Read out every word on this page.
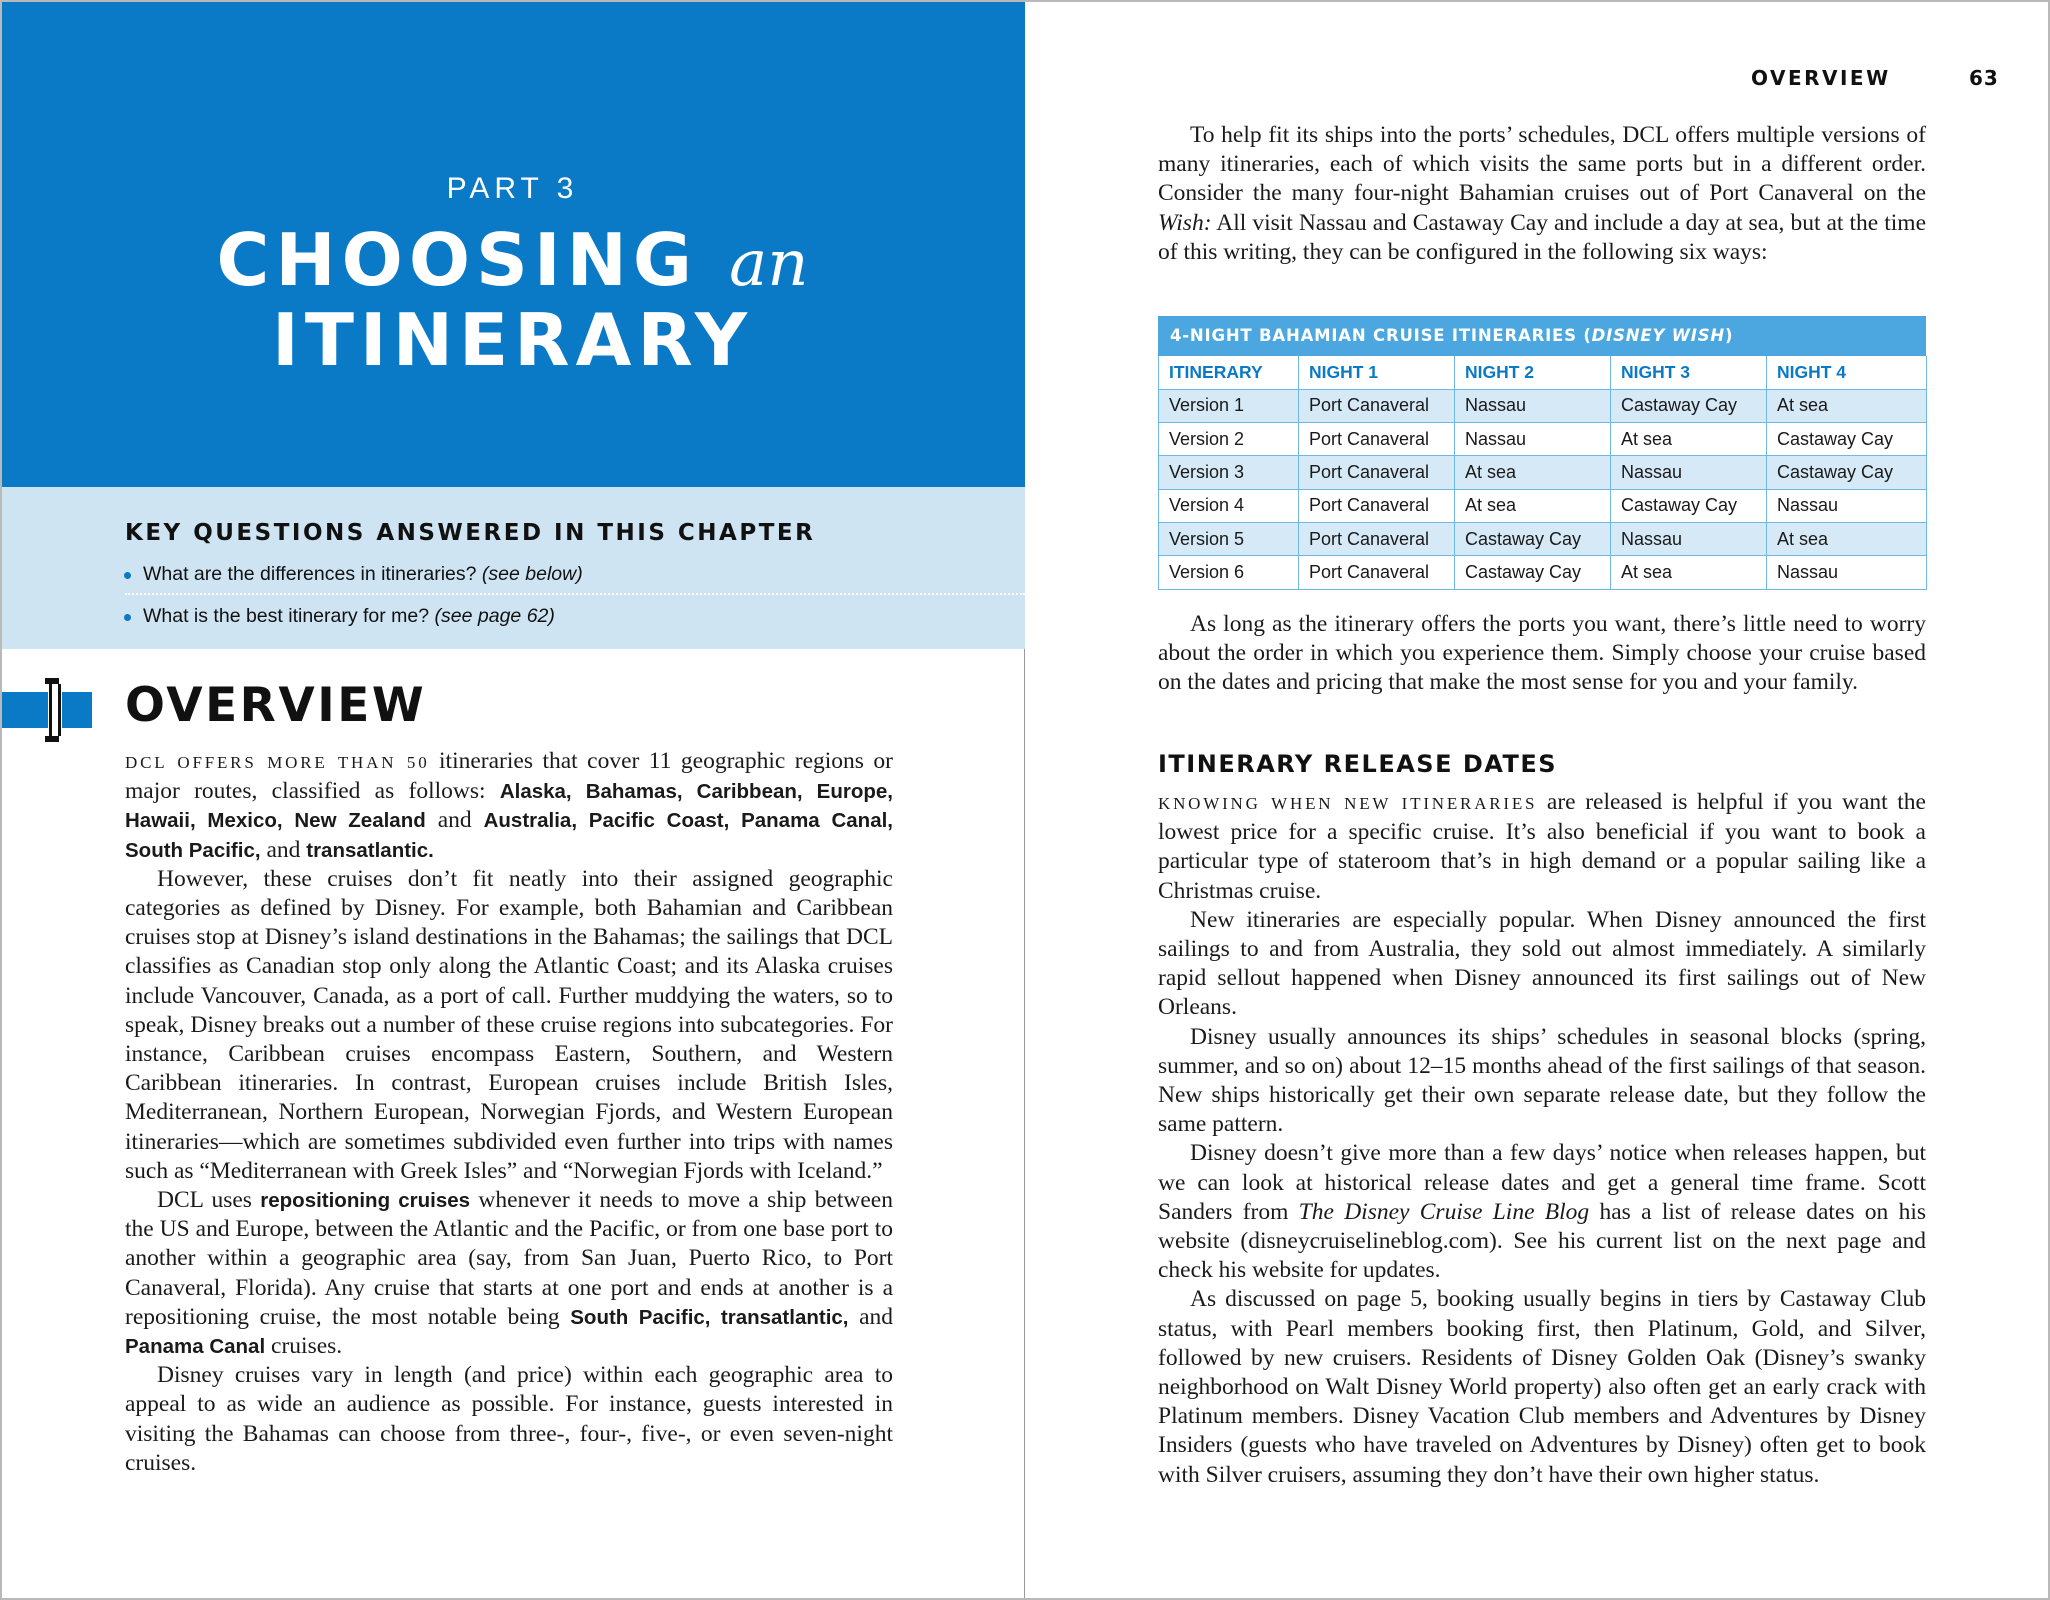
PART 3
CHOOSING an
ITINERARY
KEY QUESTIONS ANSWERED IN THIS CHAPTER
What are the differences in itineraries? (see below)
What is the best itinerary for me? (see page 62)
OVERVIEW

DCL OFFERS MORE THAN 50 itineraries that cover 11 geographic regions or major routes, classified as follows: Alaska, Bahamas, Caribbean, Europe, Hawaii, Mexico, New Zealand and Australia, Pacific Coast, Panama Canal, South Pacific, and transatlantic.

However, these cruises don’t fit neatly into their assigned geographic categories as defined by Disney. For example, both Bahamian and Caribbean cruises stop at Disney’s island destinations in the Bahamas; the sailings that DCL classifies as Canadian stop only along the Atlantic Coast; and its Alaska cruises include Vancouver, Canada, as a port of call. Further muddying the waters, so to speak, Disney breaks out a number of these cruise regions into subcategories. For instance, Caribbean cruises encompass Eastern, Southern, and Western Caribbean itineraries. In contrast, European cruises include British Isles, Mediterranean, Northern European, Norwegian Fjords, and Western European itineraries—which are sometimes subdivided even further into trips with names such as “Mediterranean with Greek Isles” and “Norwegian Fjords with Iceland.”

DCL uses repositioning cruises whenever it needs to move a ship between the US and Europe, between the Atlantic and the Pacific, or from one base port to another within a geographic area (say, from San Juan, Puerto Rico, to Port Canaveral, Florida). Any cruise that starts at one port and ends at another is a repositioning cruise, the most notable being South Pacific, transatlantic, and Panama Canal cruises.

Disney cruises vary in length (and price) within each geographic area to appeal to as wide an audience as possible. For instance, guests interested in visiting the Bahamas can choose from three-, four-, five-, or even seven-night cruises.

OVERVIEW	63

To help fit its ships into the ports’ schedules, DCL offers multiple versions of many itineraries, each of which visits the same ports but in a different order. Consider the many four-night Bahamian cruises out of Port Canaveral on the Wish: All visit Nassau and Castaway Cay and include a day at sea, but at the time of this writing, they can be configured in the following six ways:

4-NIGHT BAHAMIAN CRUISE ITINERARIES (DISNEY WISH)
ITINERARY	NIGHT 1	NIGHT 2	NIGHT 3	NIGHT 4
Version 1	Port Canaveral	Nassau	Castaway Cay	At sea
Version 2	Port Canaveral	Nassau	At sea	Castaway Cay
Version 3	Port Canaveral	At sea	Nassau	Castaway Cay
Version 4	Port Canaveral	At sea	Castaway Cay	Nassau
Version 5	Port Canaveral	Castaway Cay	Nassau	At sea
Version 6	Port Canaveral	Castaway Cay	At sea	Nassau

As long as the itinerary offers the ports you want, there’s little need to worry about the order in which you experience them. Simply choose your cruise based on the dates and pricing that make the most sense for you and your family.

ITINERARY RELEASE DATES

KNOWING WHEN NEW ITINERARIES are released is helpful if you want the lowest price for a specific cruise. It’s also beneficial if you want to book a particular type of stateroom that’s in high demand or a popular sailing like a Christmas cruise.

New itineraries are especially popular. When Disney announced the first sailings to and from Australia, they sold out almost immediately. A similarly rapid sellout happened when Disney announced its first sailings out of New Orleans.

Disney usually announces its ships’ schedules in seasonal blocks (spring, summer, and so on) about 12–15 months ahead of the first sailings of that season. New ships historically get their own separate release date, but they follow the same pattern.

Disney doesn’t give more than a few days’ notice when releases happen, but we can look at historical release dates and get a general time frame. Scott Sanders from The Disney Cruise Line Blog has a list of release dates on his website (disneycruiselineblog.com). See his current list on the next page and check his website for updates.

As discussed on page 5, booking usually begins in tiers by Castaway Club status, with Pearl members booking first, then Platinum, Gold, and Silver, followed by new cruisers. Residents of Disney Golden Oak (Disney’s swanky neighborhood on Walt Disney World property) also often get an early crack with Platinum members. Disney Vacation Club members and Adventures by Disney Insiders (guests who have traveled on Adventures by Disney) often get to book with Silver cruisers, assuming they don’t have their own higher status.
